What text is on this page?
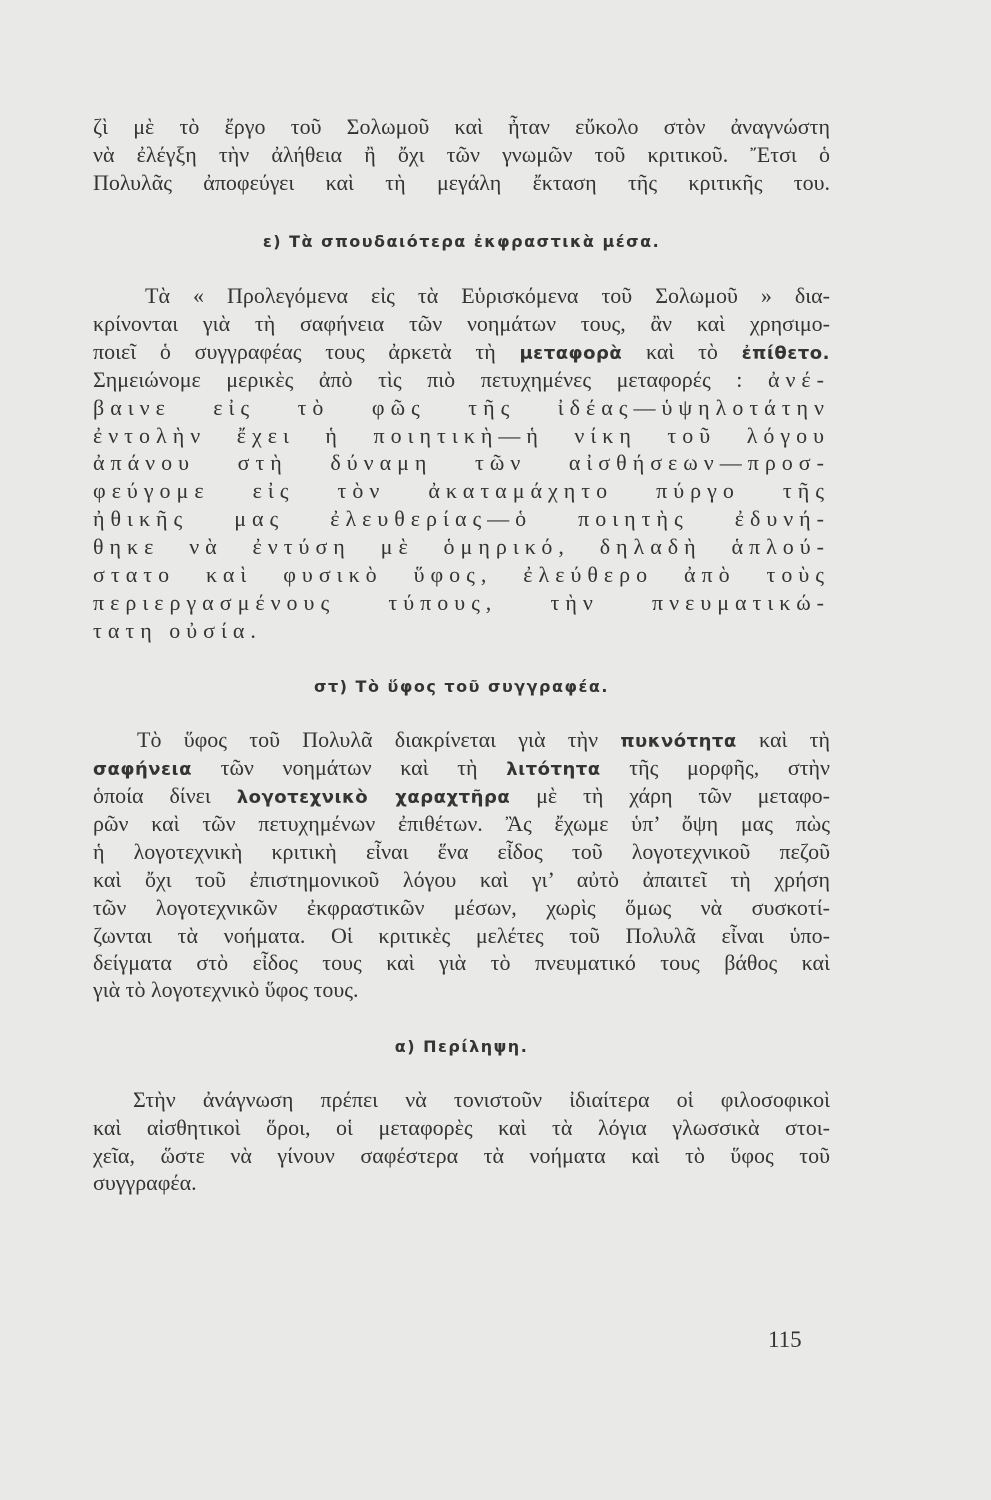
ζὶ μὲ τὸ ἔργο τοῦ Σολωμοῦ καὶ ἦταν εὔκολο στὸν ἀναγνώστη
νὰ ἐλέγξη τὴν ἀλήθεια ἢ ὄχι τῶν γνωμῶν τοῦ κριτικοῦ. Ἔτσι ὁ
Πολυλᾶς ἀποφεύγει καὶ τὴ μεγάλη ἔκταση τῆς κριτικῆς του.
ε) Τὰ σπουδαιότερα ἐκφραστικὰ μέσα.
Τὰ « Προλεγόμενα εἰς τὰ Εὑρισκόμενα τοῦ Σολωμοῦ » δια-
κρίνονται γιὰ τὴ σαφήνεια τῶν νοημάτων τους, ἂν καὶ χρησιμο-
ποιεῖ ὁ συγγραφέας τους ἀρκετὰ τὴ μεταφορὰ καὶ τὸ ἐπίθετο.
Σημειώνομε μερικὲς ἀπὸ τὶς πιὸ πετυχημένες μεταφορές : ἀνέ-
βαινε εἰς τὸ φῶς τῆς ἰδέας—ὑψηλοτάτην
ἐντολὴν ἔχει ἡ ποιητικὴ—ἡ νίκη τοῦ λόγου
ἀπάνου στὴ δύναμη τῶν αἰσθήσεων—προσ-
φεύγομε εἰς τὸν ἀκαταμάχητο πύργο τῆς
ἠθικῆς μας ἐλευθερίας—ὁ ποιητὴς ἐδυνή-
θηκε νὰ ἐντύση μὲ ὁμηρικό, δηλαδὴ ἁπλού-
στατο καὶ φυσικὸ ὕφος, ἐλεύθερο ἀπὸ τοὺς
περιεργασμένους τύπους, τὴν πνευματικώ-
τατη οὐσία.
στ) Τὸ ὕφος τοῦ συγγραφέα.
Τὸ ὕφος τοῦ Πολυλᾶ διακρίνεται γιὰ τὴν πυκνότητα καὶ τὴ
σαφήνεια τῶν νοημάτων καὶ τὴ λιτότητα τῆς μορφῆς, στὴν
ὁποία δίνει λογοτεχνικὸ χαραχτῆρα μὲ τὴ χάρη τῶν μεταφο-
ρῶν καὶ τῶν πετυχημένων ἐπιθέτων. Ἂς ἔχωμε ὑπ’ ὄψη μας πὼς
ἡ λογοτεχνικὴ κριτικὴ εἶναι ἕνα εἶδος τοῦ λογοτεχνικοῦ πεζοῦ
καὶ ὄχι τοῦ ἐπιστημονικοῦ λόγου καὶ γι’ αὐτὸ ἀπαιτεῖ τὴ χρήση
τῶν λογοτεχνικῶν ἐκφραστικῶν μέσων, χωρὶς ὅμως νὰ συσκοτί-
ζωνται τὰ νοήματα. Οἱ κριτικὲς μελέτες τοῦ Πολυλᾶ εἶναι ὑπο-
δείγματα στὸ εἶδος τους καὶ γιὰ τὸ πνευματικό τους βάθος καὶ
γιὰ τὸ λογοτεχνικὸ ὕφος τους.
α) Περίληψη.
Στὴν ἀνάγνωση πρέπει νὰ τονιστοῦν ἰδιαίτερα οἱ φιλοσοφικοὶ
καὶ αἰσθητικοὶ ὅροι, οἱ μεταφορὲς καὶ τὰ λόγια γλωσσικὰ στοι-
χεῖα, ὥστε νὰ γίνουν σαφέστερα τὰ νοήματα καὶ τὸ ὕφος τοῦ
συγγραφέα.
115
